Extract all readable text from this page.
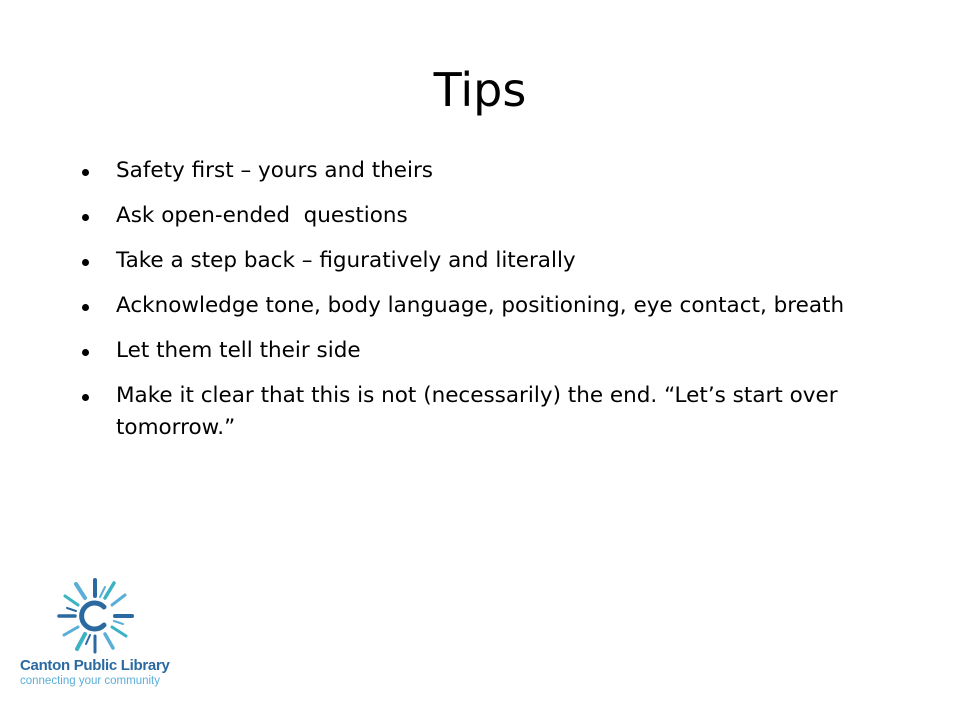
Tips
Safety first – yours and theirs
Ask open-ended  questions
Take a step back – figuratively and literally
Acknowledge tone, body language, positioning, eye contact, breath
Let them tell their side
Make it clear that this is not (necessarily) the end. “Let’s start over tomorrow.”
Canton Public Library
connecting your community
